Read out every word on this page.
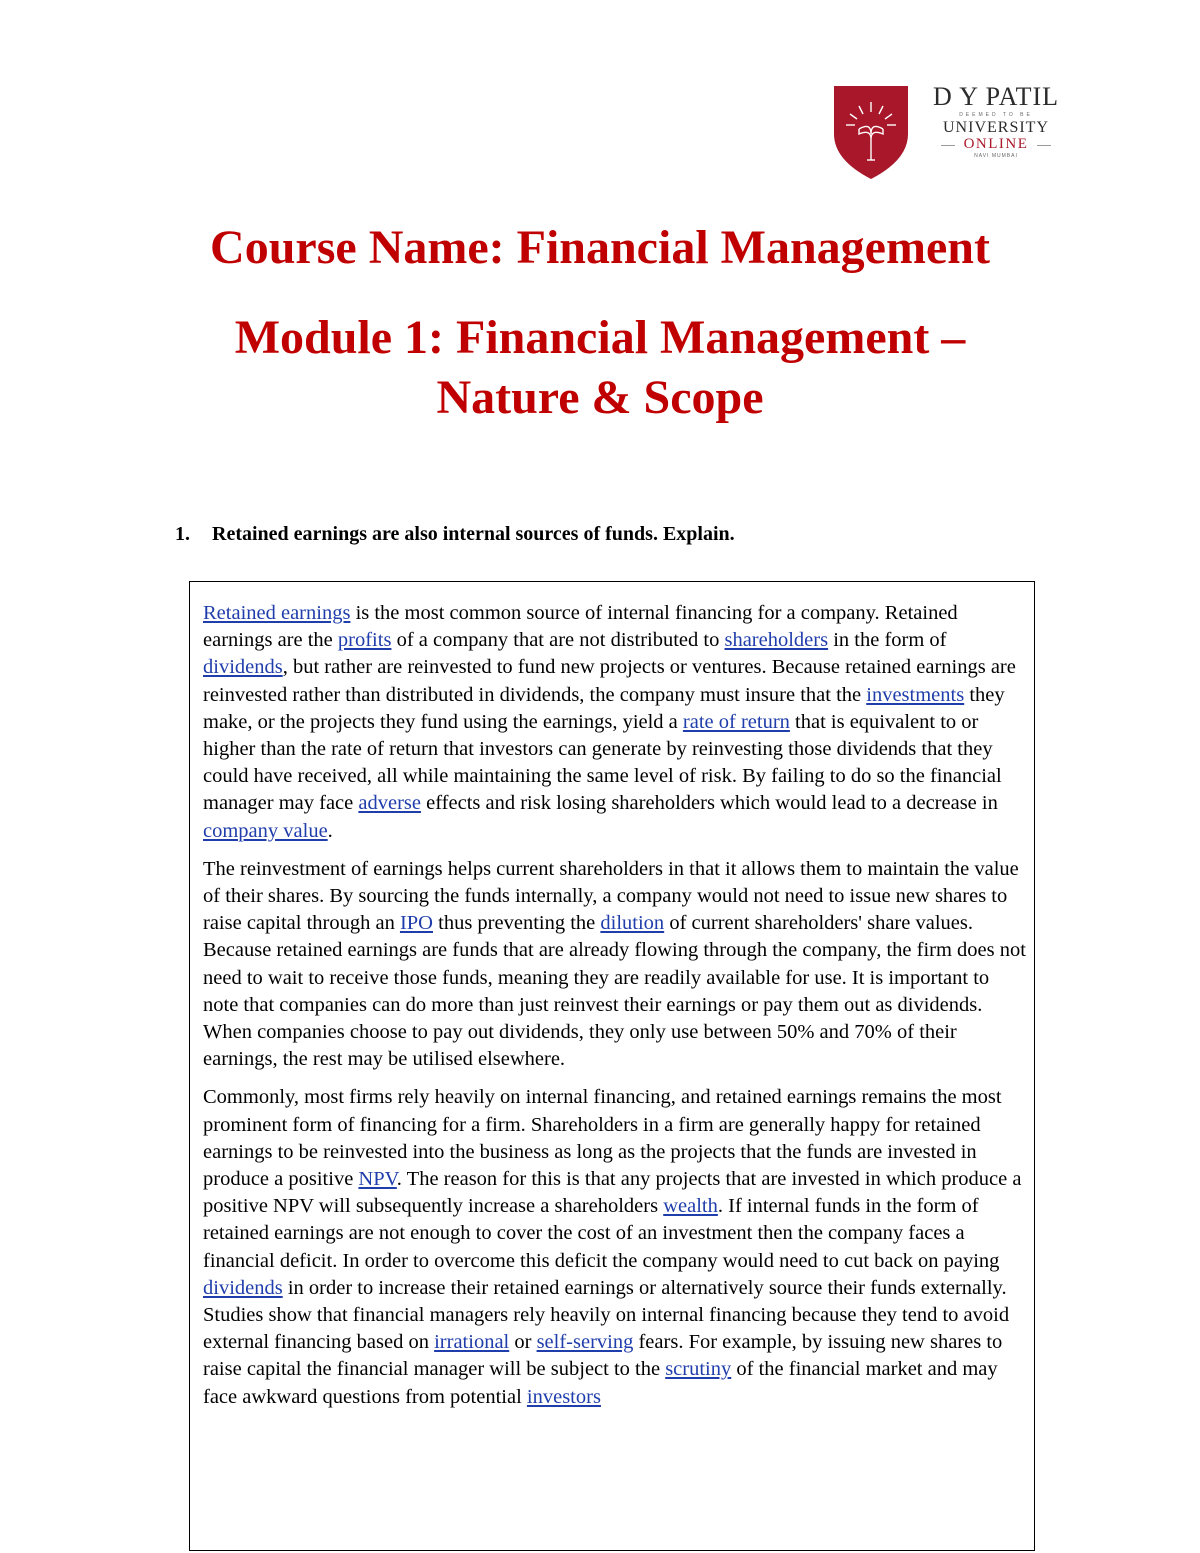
D Y PATIL
DEEMED TO BE
UNIVERSITY
ONLINE
NAVI MUMBAI
Course Name: Financial Management
Module 1: Financial Management –
Nature & Scope
1. Retained earnings are also internal sources of funds. Explain.

Retained earnings is the most common source of internal financing for a company. Retained earnings are the profits of a company that are not distributed to shareholders in the form of dividends, but rather are reinvested to fund new projects or ventures. Because retained earnings are reinvested rather than distributed in dividends, the company must insure that the investments they make, or the projects they fund using the earnings, yield a rate of return that is equivalent to or higher than the rate of return that investors can generate by reinvesting those dividends that they could have received, all while maintaining the same level of risk. By failing to do so the financial manager may face adverse effects and risk losing shareholders which would lead to a decrease in company value.

The reinvestment of earnings helps current shareholders in that it allows them to maintain the value of their shares. By sourcing the funds internally, a company would not need to issue new shares to raise capital through an IPO thus preventing the dilution of current shareholders' share values. Because retained earnings are funds that are already flowing through the company, the firm does not need to wait to receive those funds, meaning they are readily available for use. It is important to note that companies can do more than just reinvest their earnings or pay them out as dividends. When companies choose to pay out dividends, they only use between 50% and 70% of their earnings, the rest may be utilised elsewhere.

Commonly, most firms rely heavily on internal financing, and retained earnings remains the most prominent form of financing for a firm. Shareholders in a firm are generally happy for retained earnings to be reinvested into the business as long as the projects that the funds are invested in produce a positive NPV. The reason for this is that any projects that are invested in which produce a positive NPV will subsequently increase a shareholders wealth. If internal funds in the form of retained earnings are not enough to cover the cost of an investment then the company faces a financial deficit. In order to overcome this deficit the company would need to cut back on paying dividends in order to increase their retained earnings or alternatively source their funds externally. Studies show that financial managers rely heavily on internal financing because they tend to avoid external financing based on irrational or self-serving fears. For example, by issuing new shares to raise capital the financial manager will be subject to the scrutiny of the financial market and may face awkward questions from potential investors
